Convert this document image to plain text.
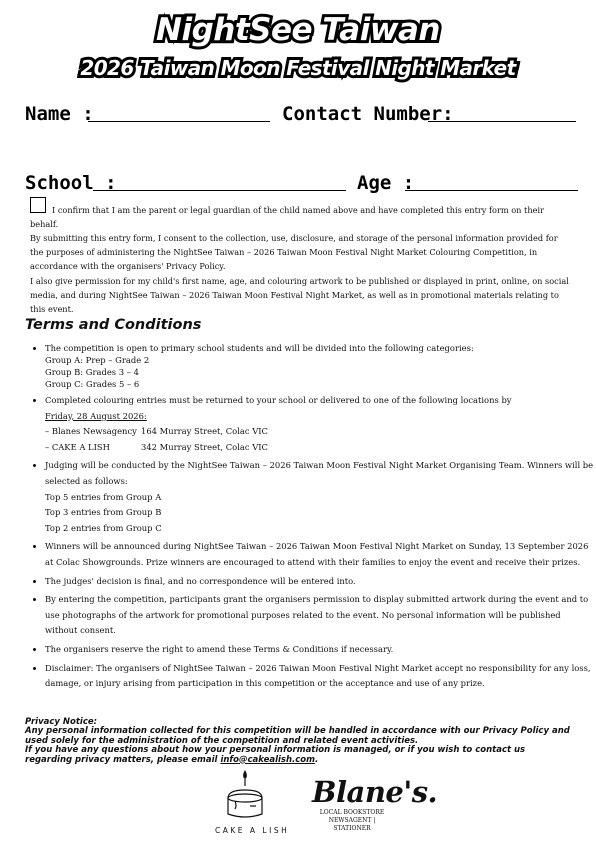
NightSee Taiwan
2026 Taiwan Moon Festival Night Market
Name :	Contact Number:
School :	Age :
I confirm that I am the parent or legal guardian of the child named above and have completed this entry form on their behalf.
By submitting this entry form, I consent to the collection, use, disclosure, and storage of the personal information provided for the purposes of administering the NightSee Taiwan – 2026 Taiwan Moon Festival Night Market Colouring Competition, in accordance with the organisers' Privacy Policy.
I also give permission for my child's first name, age, and colouring artwork to be published or displayed in print, online, on social media, and during NightSee Taiwan – 2026 Taiwan Moon Festival Night Market, as well as in promotional materials relating to this event.
Terms and Conditions
• The competition is open to primary school students and will be divided into the following categories:
Group A: Prep – Grade 2
Group B: Grades 3 – 4
Group C: Grades 5 – 6
• Completed colouring entries must be returned to your school or delivered to one of the following locations by
Friday, 28 August 2026:
– Blanes Newsagency 164 Murray Street, Colac VIC
– CAKE A LISH	342 Murray Street, Colac VIC
• Judging will be conducted by the NightSee Taiwan – 2026 Taiwan Moon Festival Night Market Organising Team. Winners will be selected as follows:
Top 5 entries from Group A
Top 3 entries from Group B
Top 2 entries from Group C
• Winners will be announced during NightSee Taiwan – 2026 Taiwan Moon Festival Night Market on Sunday, 13 September 2026 at Colac Showgrounds. Prize winners are encouraged to attend with their families to enjoy the event and receive their prizes.
• The judges' decision is final, and no correspondence will be entered into.
• By entering the competition, participants grant the organisers permission to display submitted artwork during the event and to use photographs of the artwork for promotional purposes related to the event. No personal information will be published without consent.
• The organisers reserve the right to amend these Terms & Conditions if necessary.
• Disclaimer: The organisers of NightSee Taiwan – 2026 Taiwan Moon Festival Night Market accept no responsibility for any loss, damage, or injury arising from participation in this competition or the acceptance and use of any prize.
Privacy Notice:
Any personal information collected for this competition will be handled in accordance with our Privacy Policy and used solely for the administration of the competition and related event activities.
If you have any questions about how your personal information is managed, or if you wish to contact us regarding privacy matters, please email info@cakealish.com.
CAKE A LISH
Blane's.
LOCAL BOOKSTORE
NEWSAGENT | STATIONER
